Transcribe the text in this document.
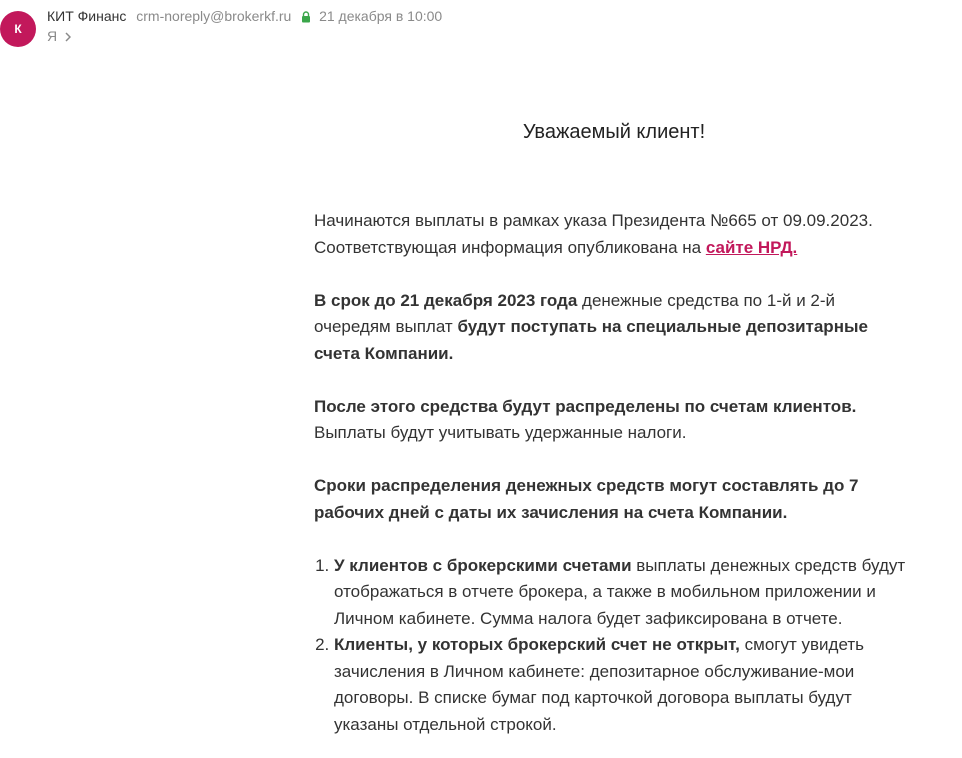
К
КИТ Финанс crm-noreply@brokerkf.ru 21 декабря в 10:00
Я
Уважаемый клиент!

Начинаются выплаты в рамках указа Президента №665 от 09.09.2023. Соответствующая информация опубликована на сайте НРД.

В срок до 21 декабря 2023 года денежные средства по 1-й и 2-й очередям выплат будут поступать на специальные депозитарные счета Компании.

После этого средства будут распределены по счетам клиентов. Выплаты будут учитывать удержанные налоги.

Сроки распределения денежных средств могут составлять до 7 рабочих дней с даты их зачисления на счета Компании.

1. У клиентов с брокерскими счетами выплаты денежных средств будут отображаться в отчете брокера, а также в мобильном приложении и Личном кабинете. Сумма налога будет зафиксирована в отчете.
2. Клиенты, у которых брокерский счет не открыт, смогут увидеть зачисления в Личном кабинете: депозитарное обслуживание-мои договоры. В списке бумаг под карточкой договора выплаты будут указаны отдельной строкой.
